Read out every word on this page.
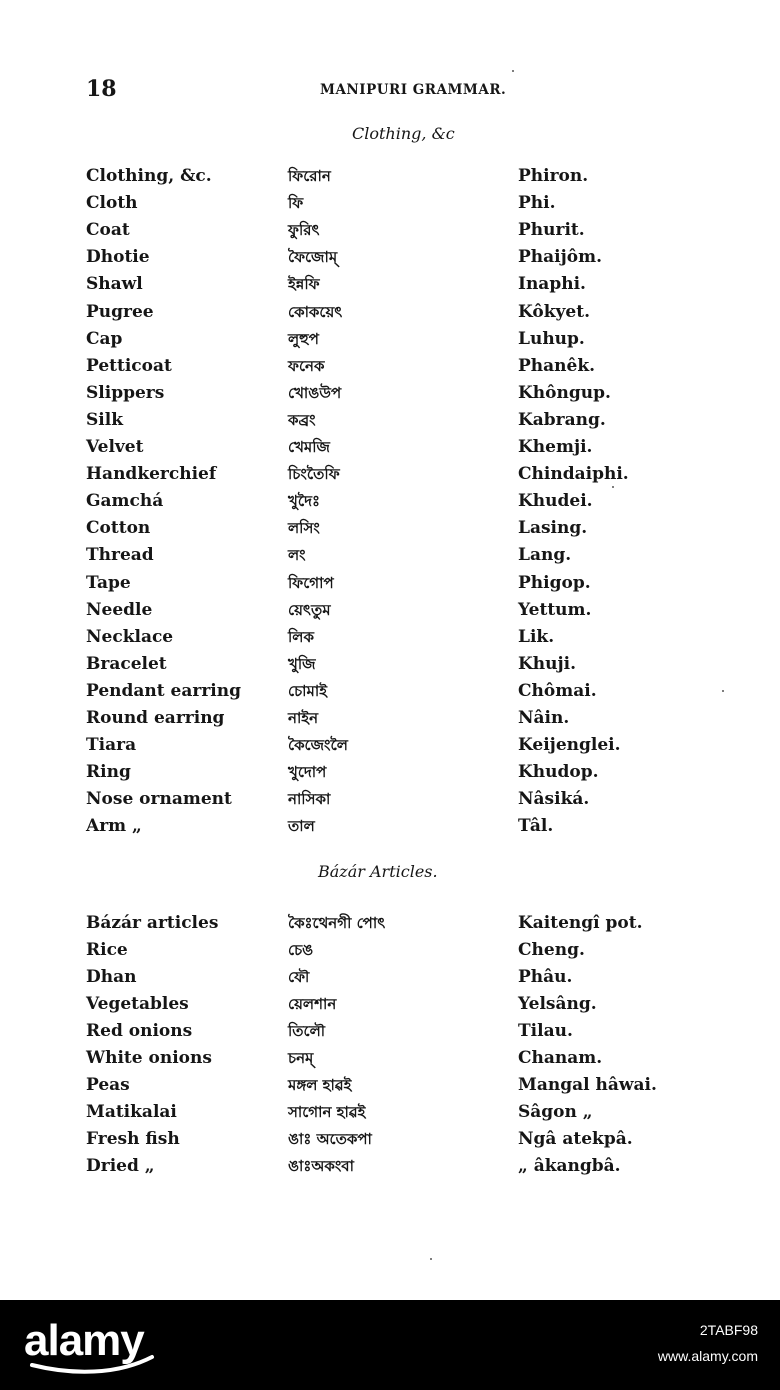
18	MANIPURI GRAMMAR.
Clothing, &c
Clothing, &c.	ফিরোন	Phiron.
Cloth	ফি	Phi.
Coat	ফুরিৎ	Phurit.
Dhotie	ফৈজোম্	Phaijôm.
Shawl	ইন্নফি	Inaphi.
Pugree	কোকয়েৎ	Kôkyet.
Cap	লুহুপ	Luhup.
Petticoat	ফনেক	Phanêk.
Slippers	খোঙউপ	Khôngup.
Silk	কব্রং	Kabrang.
Velvet	খেমজি	Khemji.
Handkerchief	চিংতৈফি	Chindaiphi.
Gamchá	খুদৈঃ	Khudei.
Cotton	লসিং	Lasing.
Thread	লং	Lang.
Tape	ফিগোপ	Phigop.
Needle	য়েৎতুম	Yettum.
Necklace	লিক	Lik.
Bracelet	খুজি	Khuji.
Pendant earring	চোমাই	Chômai.
Round earring	নাইন	Nâin.
Tiara	কৈজেংলৈ	Keijenglei.
Ring	খুদোপ	Khudop.
Nose ornament	নাসিকা	Nâsiká.
Arm „	তাল	Tâl.
Bázár Articles.
Bázár articles	কৈঃথেনগী পোৎ	Kaitengî pot.
Rice	চেঙ	Cheng.
Dhan	ফৌ	Phâu.
Vegetables	য়েলশান	Yelsâng.
Red onions	তিলৌ	Tilau.
White onions	চনম্	Chanam.
Peas	মঙ্গল হাৱই	Mangal hâwai.
Matikalai	সাগোন হাৱই	Sâgon „
Fresh fish	ঙাঃ অতেকপা	Ngâ atekpâ.
Dried „	ঙাঃঅকংবা	„ âkangbâ.
alamy	2TABF98
www.alamy.com
